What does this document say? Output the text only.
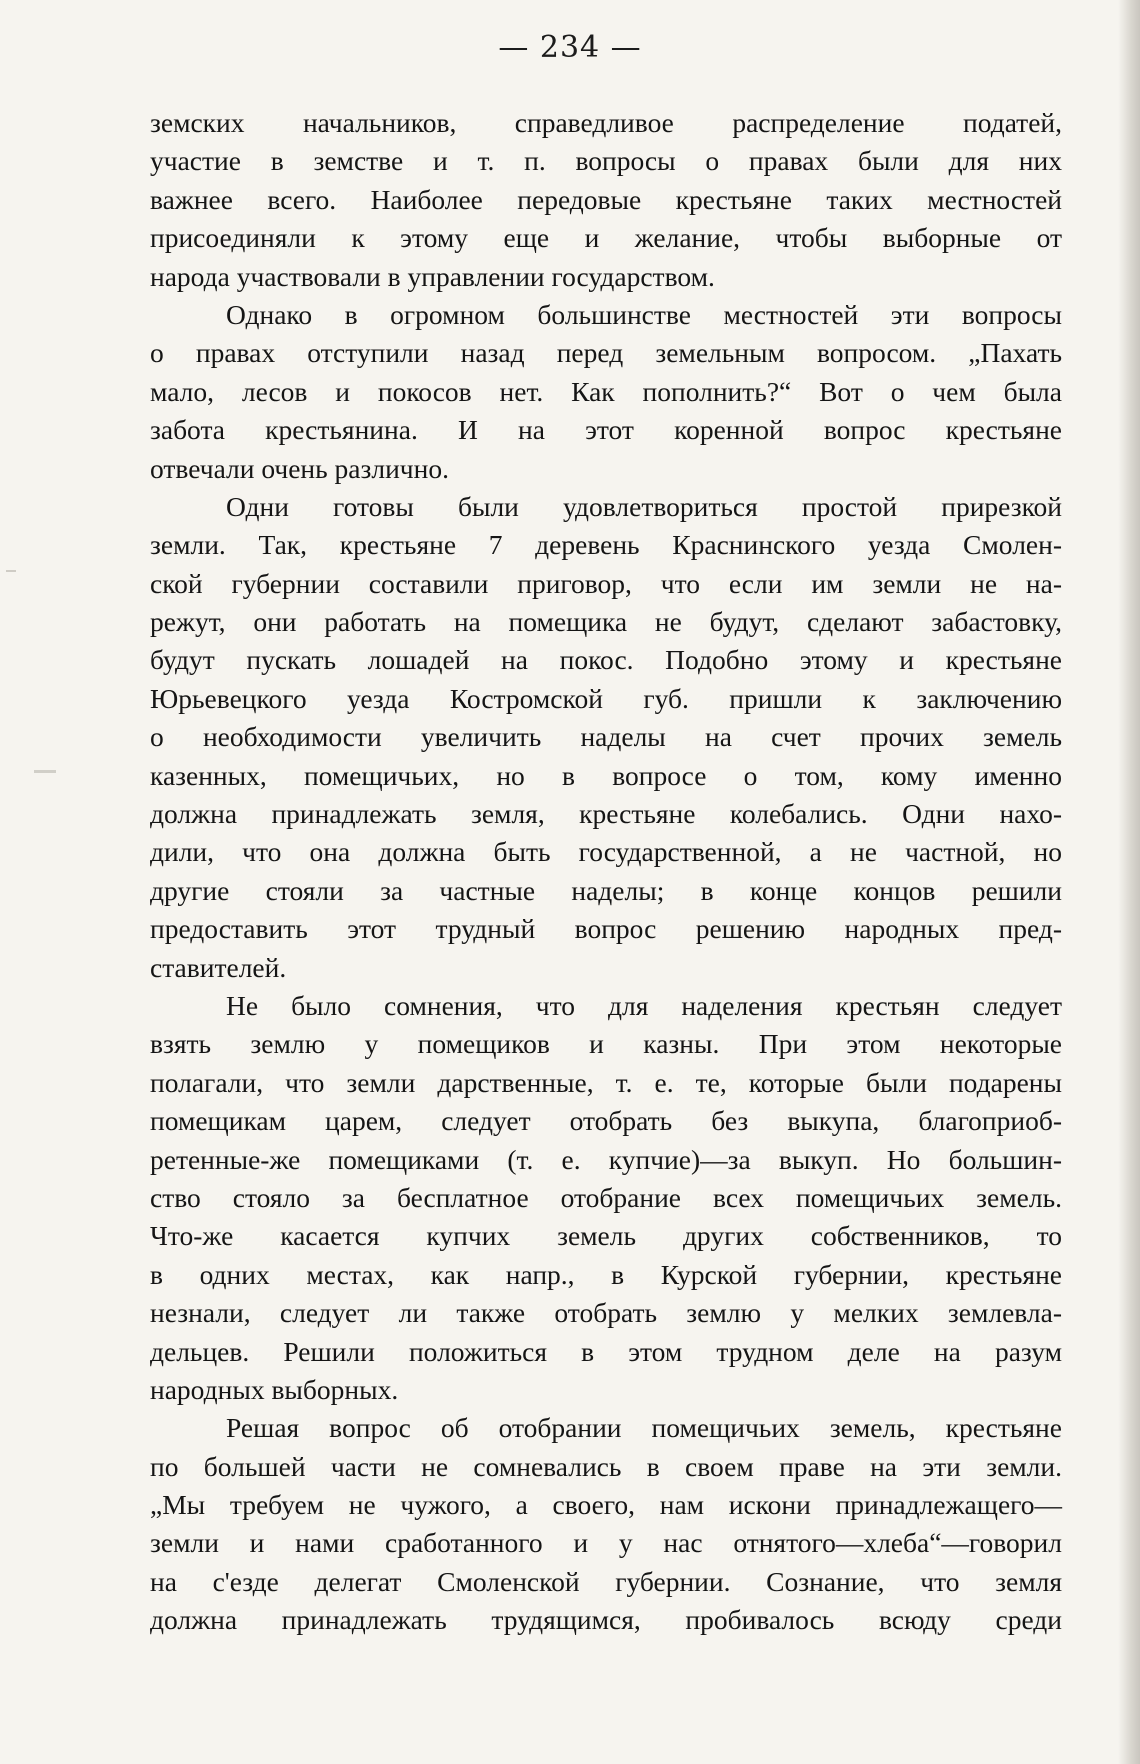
— 234 —
земских начальников, справедливое распределение податей,
участие в земстве и т. п. вопросы о правах были для них
важнее всего. Наиболее передовые крестьяне таких местностей
присоединяли к этому еще и желание, чтобы выборные от
народа участвовали в управлении государством.
Однако в огромном большинстве местностей эти вопросы
о правах отступили назад перед земельным вопросом. „Пахать
мало, лесов и покосов нет. Как пополнить?“ Вот о чем была
забота крестьянина. И на этот коренной вопрос крестьяне
отвечали очень различно.
Одни готовы были удовлетвориться простой прирезкой
земли. Так, крестьяне 7 деревень Краснинского уезда Смолен-
ской губернии составили приговор, что если им земли не на-
режут, они работать на помещика не будут, сделают забастовку,
будут пускать лошадей на покос. Подобно этому и крестьяне
Юрьевецкого уезда Костромской губ. пришли к заключению
о необходимости увеличить наделы на счет прочих земель
казенных, помещичьих, но в вопросе о том, кому именно
должна принадлежать земля, крестьяне колебались. Одни нахо-
дили, что она должна быть государственной, а не частной, но
другие стояли за частные наделы; в конце концов решили
предоставить этот трудный вопрос решению народных пред-
ставителей.
Не было сомнения, что для наделения крестьян следует
взять землю у помещиков и казны. При этом некоторые
полагали, что земли дарственные, т. е. те, которые были подарены
помещикам царем, следует отобрать без выкупа, благоприоб-
ретенные-же помещиками (т. е. купчие)—за выкуп. Но большин-
ство стояло за бесплатное отобрание всех помещичьих земель.
Что-же касается купчих земель других собственников, то
в одних местах, как напр., в Курской губернии, крестьяне
незнали, следует ли также отобрать землю у мелких землевла-
дельцев. Решили положиться в этом трудном деле на разум
народных выборных.
Решая вопрос об отобрании помещичьих земель, крестьяне
по большей части не сомневались в своем праве на эти земли.
„Мы требуем не чужого, а своего, нам искони принадлежащего—
земли и нами сработанного и у нас отнятого—хлеба“—говорил
на с'езде делегат Смоленской губернии. Сознание, что земля
должна принадлежать трудящимся, пробивалось всюду среди
